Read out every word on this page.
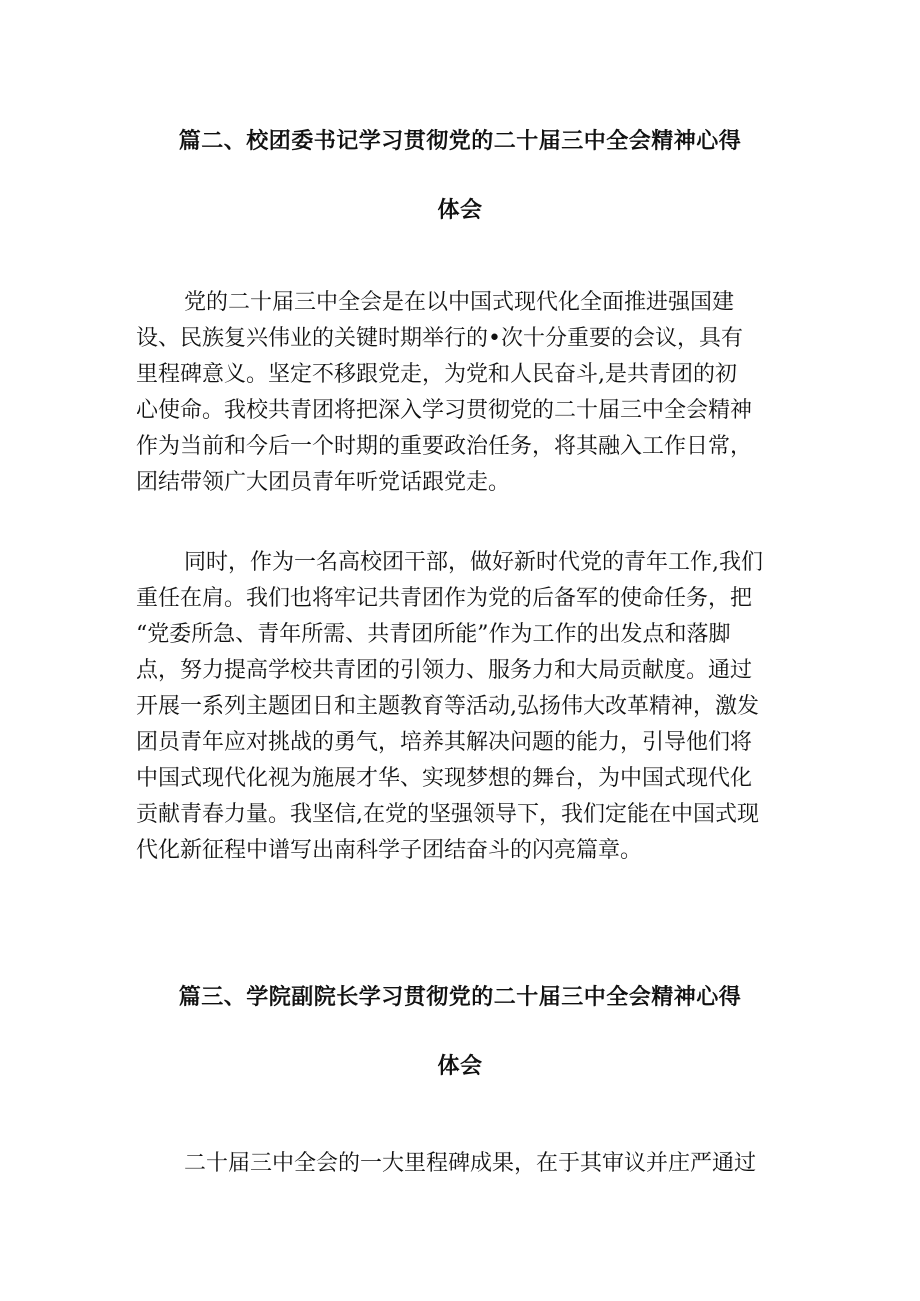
篇二、校团委书记学习贯彻党的二十届三中全会精神心得
体会
党的二十届三中全会是在以中国式现代化全面推进强国建
设、民族复兴伟业的关键时期举行的•次十分重要的会议，具有
里程碑意义。坚定不移跟党走，为党和人民奋斗,是共青团的初
心使命。我校共青团将把深入学习贯彻党的二十届三中全会精神
作为当前和今后一个时期的重要政治任务，将其融入工作日常，
团结带领广大团员青年听党话跟党走。
同时，作为一名高校团干部，做好新时代党的青年工作,我们
重任在肩。我们也将牢记共青团作为党的后备军的使命任务，把
“党委所急、青年所需、共青团所能”作为工作的出发点和落脚
点，努力提高学校共青团的引领力、服务力和大局贡献度。通过
开展一系列主题团日和主题教育等活动,弘扬伟大改革精神，激发
团员青年应对挑战的勇气，培养其解决问题的能力，引导他们将
中国式现代化视为施展才华、实现梦想的舞台，为中国式现代化
贡献青春力量。我坚信,在党的坚强领导下，我们定能在中国式现
代化新征程中谱写出南科学子团结奋斗的闪亮篇章。
篇三、学院副院长学习贯彻党的二十届三中全会精神心得
体会
二十届三中全会的一大里程碑成果，在于其审议并庄严通过
